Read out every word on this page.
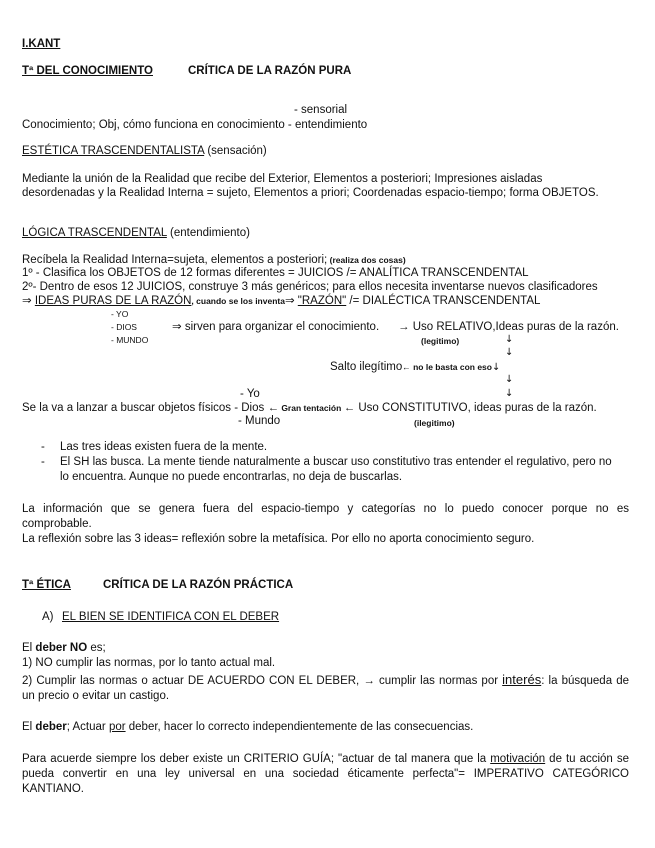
I.KANT
Tª DEL CONOCIMIENTO	CRÍTICA DE LA RAZÓN PURA
- sensorial
Conocimiento; Obj, cómo funciona en conocimiento - entendimiento
ESTÉTICA TRASCENDENTALISTA (sensación)
Mediante la unión de la Realidad que recibe del Exterior, Elementos a posteriori; Impresiones aisladas
desordenadas y la Realidad Interna = sujeto, Elementos a priori; Coordenadas espacio-tiempo; forma OBJETOS.
LÓGICA TRASCENDENTAL (entendimiento)
Recíbela la Realidad Interna=sujeta, elementos a posteriori; (realiza dos cosas)
1º - Clasifica los OBJETOS de 12 formas diferentes = JUICIOS /= ANALÍTICA TRANSCENDENTAL
2º- Dentro de esos 12 JUICIOS, construye 3 más genéricos; para ellos necesita inventarse nuevos clasificadores
⇒ IDEAS PURAS DE LA RAZÓN, cuando se los inventa⇒ "RAZÓN" /= DIALÉCTICA TRANSCENDENTAL
- YO
- DIOS	⇒ sirven para organizar el conocimiento. → Uso RELATIVO,Ideas puras de la razón.
- MUNDO	(legitimo)	↓
↓
Salto ilegítimo← no le basta con eso↓
↓
↓
- Yo
Se la va a lanzar a buscar objetos físicos - Dios ← Gran tentación ← Uso CONSTITUTIVO, ideas puras de la razón.
- Mundo	(ilegitimo)
- Las tres ideas existen fuera de la mente.
- El SH las busca. La mente tiende naturalmente a buscar uso constitutivo tras entender el regulativo, pero no
lo encuentra. Aunque no puede encontrarlas, no deja de buscarlas.
La información que se genera fuera del espacio-tiempo y categorías no lo puedo conocer porque no es
comprobable.
La reflexión sobre las 3 ideas= reflexión sobre la metafísica. Por ello no aporta conocimiento seguro.
Tª ÉTICA	CRÍTICA DE LA RAZÓN PRÁCTICA
A) EL BIEN SE IDENTIFICA CON EL DEBER
El deber NO es;
1) NO cumplir las normas, por lo tanto actual mal.
2) Cumplir las normas o actuar DE ACUERDO CON EL DEBER, → cumplir las normas por interés: la búsqueda de
un precio o evitar un castigo.
El deber; Actuar por deber, hacer lo correcto independientemente de las consecuencias.
Para acuerde siempre los deber existe un CRITERIO GUÍA; "actuar de tal manera que la motivación de tu acción se
pueda convertir en una ley universal en una sociedad éticamente perfecta"= IMPERATIVO CATEGÓRICO
KANTIANO.
